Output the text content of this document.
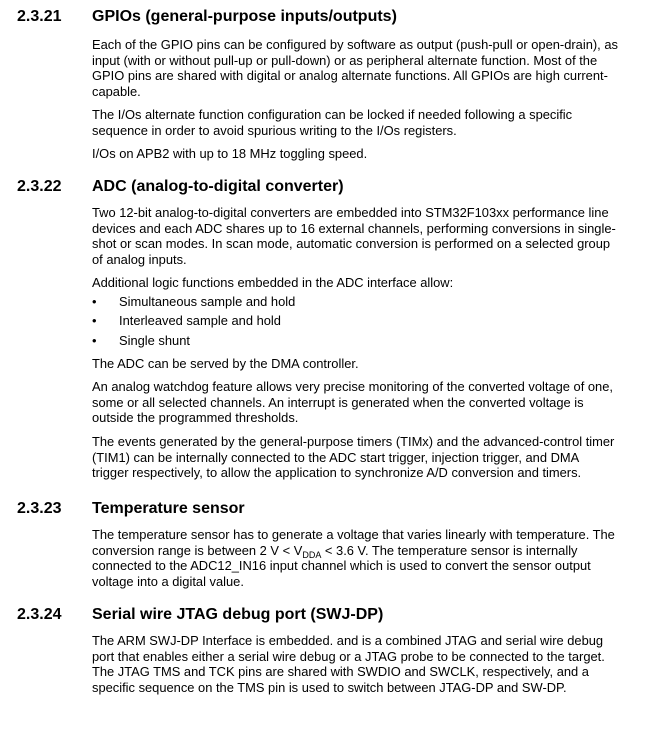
2.3.21 GPIOs (general-purpose inputs/outputs)
Each of the GPIO pins can be configured by software as output (push-pull or open-drain), as
input (with or without pull-up or pull-down) or as peripheral alternate function. Most of the
GPIO pins are shared with digital or analog alternate functions. All GPIOs are high current-
capable.
The I/Os alternate function configuration can be locked if needed following a specific
sequence in order to avoid spurious writing to the I/Os registers.
I/Os on APB2 with up to 18 MHz toggling speed.
2.3.22 ADC (analog-to-digital converter)
Two 12-bit analog-to-digital converters are embedded into STM32F103xx performance line
devices and each ADC shares up to 16 external channels, performing conversions in single-
shot or scan modes. In scan mode, automatic conversion is performed on a selected group
of analog inputs.
Additional logic functions embedded in the ADC interface allow:
• Simultaneous sample and hold
• Interleaved sample and hold
• Single shunt
The ADC can be served by the DMA controller.
An analog watchdog feature allows very precise monitoring of the converted voltage of one,
some or all selected channels. An interrupt is generated when the converted voltage is
outside the programmed thresholds.
The events generated by the general-purpose timers (TIMx) and the advanced-control timer
(TIM1) can be internally connected to the ADC start trigger, injection trigger, and DMA
trigger respectively, to allow the application to synchronize A/D conversion and timers.
2.3.23 Temperature sensor
The temperature sensor has to generate a voltage that varies linearly with temperature. The
conversion range is between 2 $V < V_{DDA} < 3.6$ V. The temperature sensor is internally
connected to the ADC12_IN16 input channel which is used to convert the sensor output
voltage into a digital value.
2.3.24 Serial wire JTAG debug port (SWJ-DP)
The ARM SWJ-DP Interface is embedded. and is a combined JTAG and serial wire debug
port that enables either a serial wire debug or a JTAG probe to be connected to the target.
The JTAG TMS and TCK pins are shared with SWDIO and SWCLK, respectively, and a
specific sequence on the TMS pin is used to switch between JTAG-DP and SW-DP.
